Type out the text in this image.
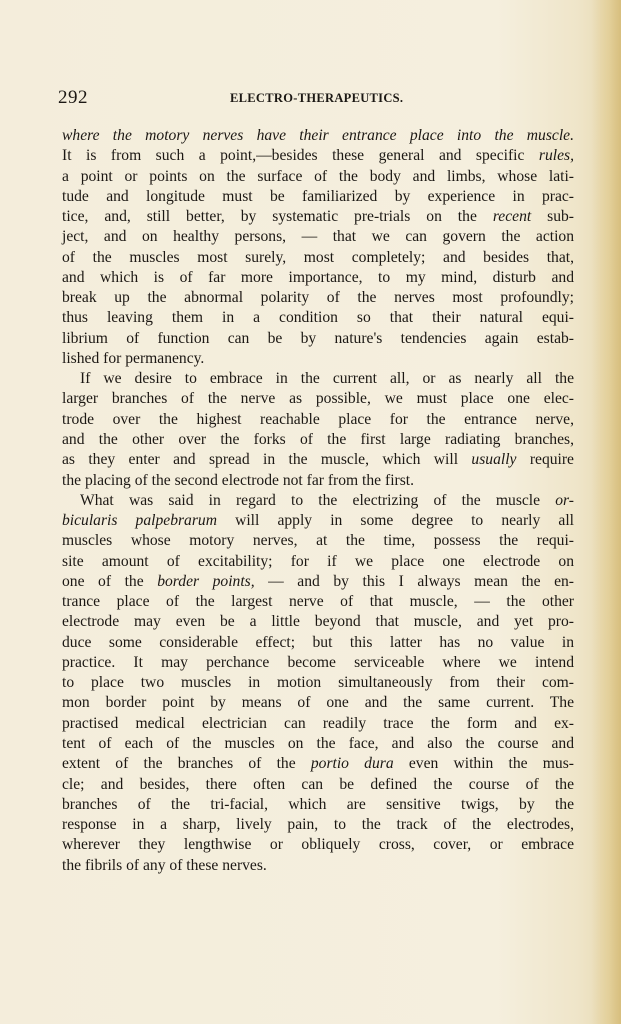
292	ELECTRO-THERAPEUTICS.
where the motory nerves have their entrance place into the muscle.
It is from such a point,—besides these general and specific rules,
a point or points on the surface of the body and limbs, whose lati-
tude and longitude must be familiarized by experience in prac-
tice, and, still better, by systematic pre-trials on the recent sub-
ject, and on healthy persons, — that we can govern the action
of the muscles most surely, most completely; and besides that,
and which is of far more importance, to my mind, disturb and
break up the abnormal polarity of the nerves most profoundly;
thus leaving them in a condition so that their natural equi-
librium of function can be by nature's tendencies again estab-
lished for permanency.
If we desire to embrace in the current all, or as nearly all the
larger branches of the nerve as possible, we must place one elec-
trode over the highest reachable place for the entrance nerve,
and the other over the forks of the first large radiating branches,
as they enter and spread in the muscle, which will usually require
the placing of the second electrode not far from the first.
What was said in regard to the electrizing of the muscle or-
bicularis palpebrarum will apply in some degree to nearly all
muscles whose motory nerves, at the time, possess the requi-
site amount of excitability; for if we place one electrode on
one of the border points, — and by this I always mean the en-
trance place of the largest nerve of that muscle, — the other
electrode may even be a little beyond that muscle, and yet pro-
duce some considerable effect; but this latter has no value in
practice. It may perchance become serviceable where we intend
to place two muscles in motion simultaneously from their com-
mon border point by means of one and the same current. The
practised medical electrician can readily trace the form and ex-
tent of each of the muscles on the face, and also the course and
extent of the branches of the portio dura even within the mus-
cle; and besides, there often can be defined the course of the
branches of the tri-facial, which are sensitive twigs, by the
response in a sharp, lively pain, to the track of the electrodes,
wherever they lengthwise or obliquely cross, cover, or embrace
the fibrils of any of these nerves.
